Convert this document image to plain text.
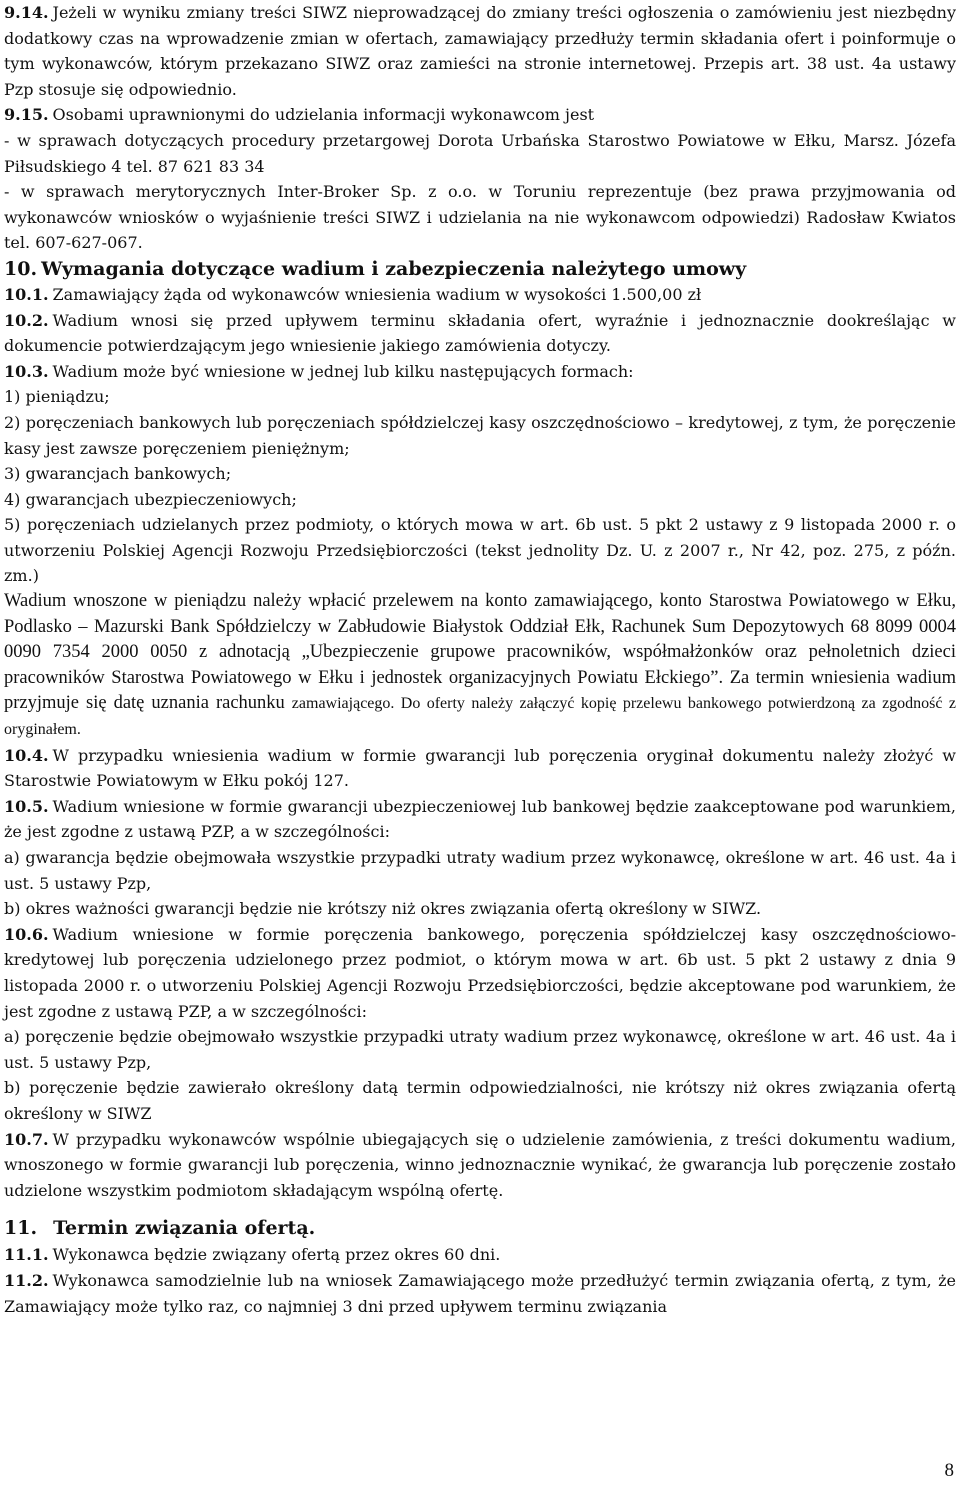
9.14. Jeżeli w wyniku zmiany treści SIWZ nieprowadzącej do zmiany treści ogłoszenia o zamówieniu jest niezbędny dodatkowy czas na wprowadzenie zmian w ofertach, zamawiający przedłuży termin składania ofert i poinformuje o tym wykonawców, którym przekazano SIWZ oraz zamieści na stronie internetowej. Przepis art. 38 ust. 4a ustawy Pzp stosuje się odpowiednio.

9.15. Osobami uprawnionymi do udzielania informacji wykonawcom jest

- w sprawach dotyczących procedury przetargowej Dorota Urbańska Starostwo Powiatowe w Ełku, Marsz. Józefa Piłsudskiego 4 tel. 87 621 83 34

- w sprawach merytorycznych Inter-Broker Sp. z o.o. w Toruniu reprezentuje (bez prawa przyjmowania od wykonawców wniosków o wyjaśnienie treści SIWZ i udzielania na nie wykonawcom odpowiedzi) Radosław Kwiatos tel. 607-627-067.

10. Wymagania dotyczące wadium i zabezpieczenia należytego umowy

10.1. Zamawiający żąda od wykonawców wniesienia wadium w wysokości 1.500,00 zł

10.2. Wadium wnosi się przed upływem terminu składania ofert, wyraźnie i jednoznacznie dookreślając w dokumencie potwierdzającym jego wniesienie jakiego zamówienia dotyczy.

10.3. Wadium może być wniesione w jednej lub kilku następujących formach:

1) pieniądzu;

2) poręczeniach bankowych lub poręczeniach spółdzielczej kasy oszczędnościowo – kredytowej, z tym, że poręczenie kasy jest zawsze poręczeniem pieniężnym;

3) gwarancjach bankowych;

4) gwarancjach ubezpieczeniowych;

5) poręczeniach udzielanych przez podmioty, o których mowa w art. 6b ust. 5 pkt 2 ustawy z 9 listopada 2000 r. o utworzeniu Polskiej Agencji Rozwoju Przedsiębiorczości (tekst jednolity Dz. U. z 2007 r., Nr 42, poz. 275, z późn. zm.)

Wadium wnoszone w pieniądzu należy wpłacić przelewem na konto zamawiającego, konto Starostwa Powiatowego w Ełku, Podlasko – Mazurski Bank Spółdzielczy w Zabłudowie Białystok Oddział Ełk, Rachunek Sum Depozytowych 68 8099 0004 0090 7354 2000 0050 z adnotacją „Ubezpieczenie grupowe pracowników, współmałżonków oraz pełnoletnich dzieci pracowników Starostwa Powiatowego w Ełku i jednostek organizacyjnych Powiatu Ełckiego”. Za termin wniesienia wadium przyjmuje się datę uznania rachunku zamawiającego. Do oferty należy załączyć kopię przelewu bankowego potwierdzoną za zgodność z oryginałem.

10.4. W przypadku wniesienia wadium w formie gwarancji lub poręczenia oryginał dokumentu należy złożyć w Starostwie Powiatowym w Ełku pokój 127.

10.5. Wadium wniesione w formie gwarancji ubezpieczeniowej lub bankowej będzie zaakceptowane pod warunkiem, że jest zgodne z ustawą PZP, a w szczególności:

a) gwarancja będzie obejmowała wszystkie przypadki utraty wadium przez wykonawcę, określone w art. 46 ust. 4a i ust. 5 ustawy Pzp,

b) okres ważności gwarancji będzie nie krótszy niż okres związania ofertą określony w SIWZ.

10.6. Wadium wniesione w formie poręczenia bankowego, poręczenia spółdzielczej kasy oszczędnościowo-kredytowej lub poręczenia udzielonego przez podmiot, o którym mowa w art. 6b ust. 5 pkt 2 ustawy z dnia 9 listopada 2000 r. o utworzeniu Polskiej Agencji Rozwoju Przedsiębiorczości, będzie akceptowane pod warunkiem, że jest zgodne z ustawą PZP, a w szczególności:

a) poręczenie będzie obejmowało wszystkie przypadki utraty wadium przez wykonawcę, określone w art. 46 ust. 4a i ust. 5 ustawy Pzp,

b) poręczenie będzie zawierało określony datą termin odpowiedzialności, nie krótszy niż okres związania ofertą określony w SIWZ

10.7. W przypadku wykonawców wspólnie ubiegających się o udzielenie zamówienia, z treści dokumentu wadium, wnoszonego w formie gwarancji lub poręczenia, winno jednoznacznie wynikać, że gwarancja lub poręczenie zostało udzielone wszystkim podmiotom składającym wspólną ofertę.

11. Termin związania ofertą.

11.1. Wykonawca będzie związany ofertą przez okres 60 dni.

11.2. Wykonawca samodzielnie lub na wniosek Zamawiającego może przedłużyć termin związania ofertą, z tym, że Zamawiający może tylko raz, co najmniej 3 dni przed upływem terminu związania

8
